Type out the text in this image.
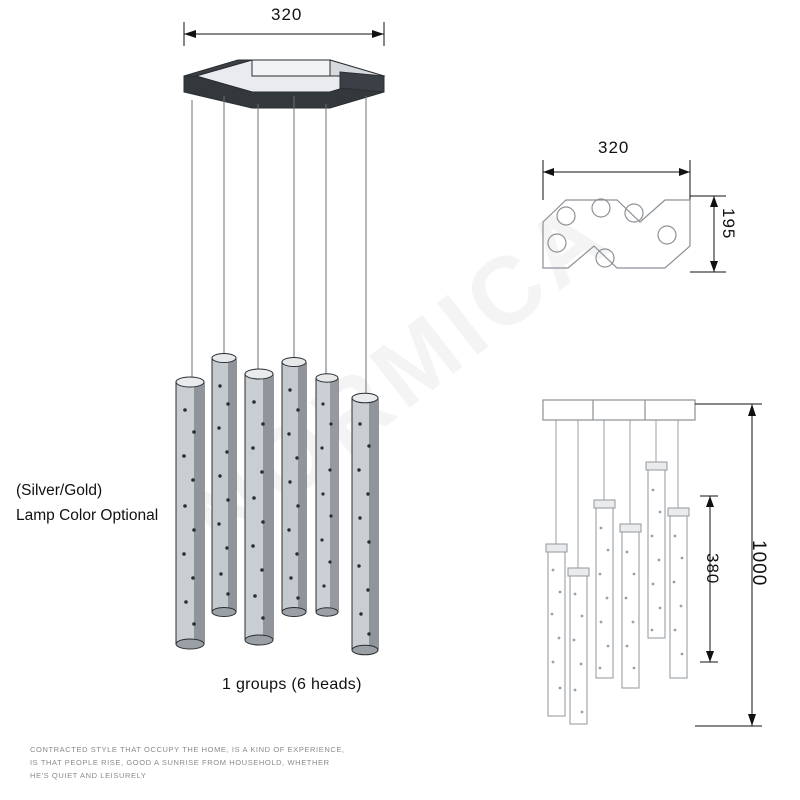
320
(Silver/Gold)
Lamp Color Optional
1 groups (6 heads)
320
195
380 1000
CONTRACTED STYLE THAT OCCUPY THE HOME, IS A KIND OF EXPERIENCE,
IS THAT PEOPLE RISE, GOOD A SUNRISE FROM HOUSEHOLD, WHETHER
HE'S QUIET AND LEISURELY
